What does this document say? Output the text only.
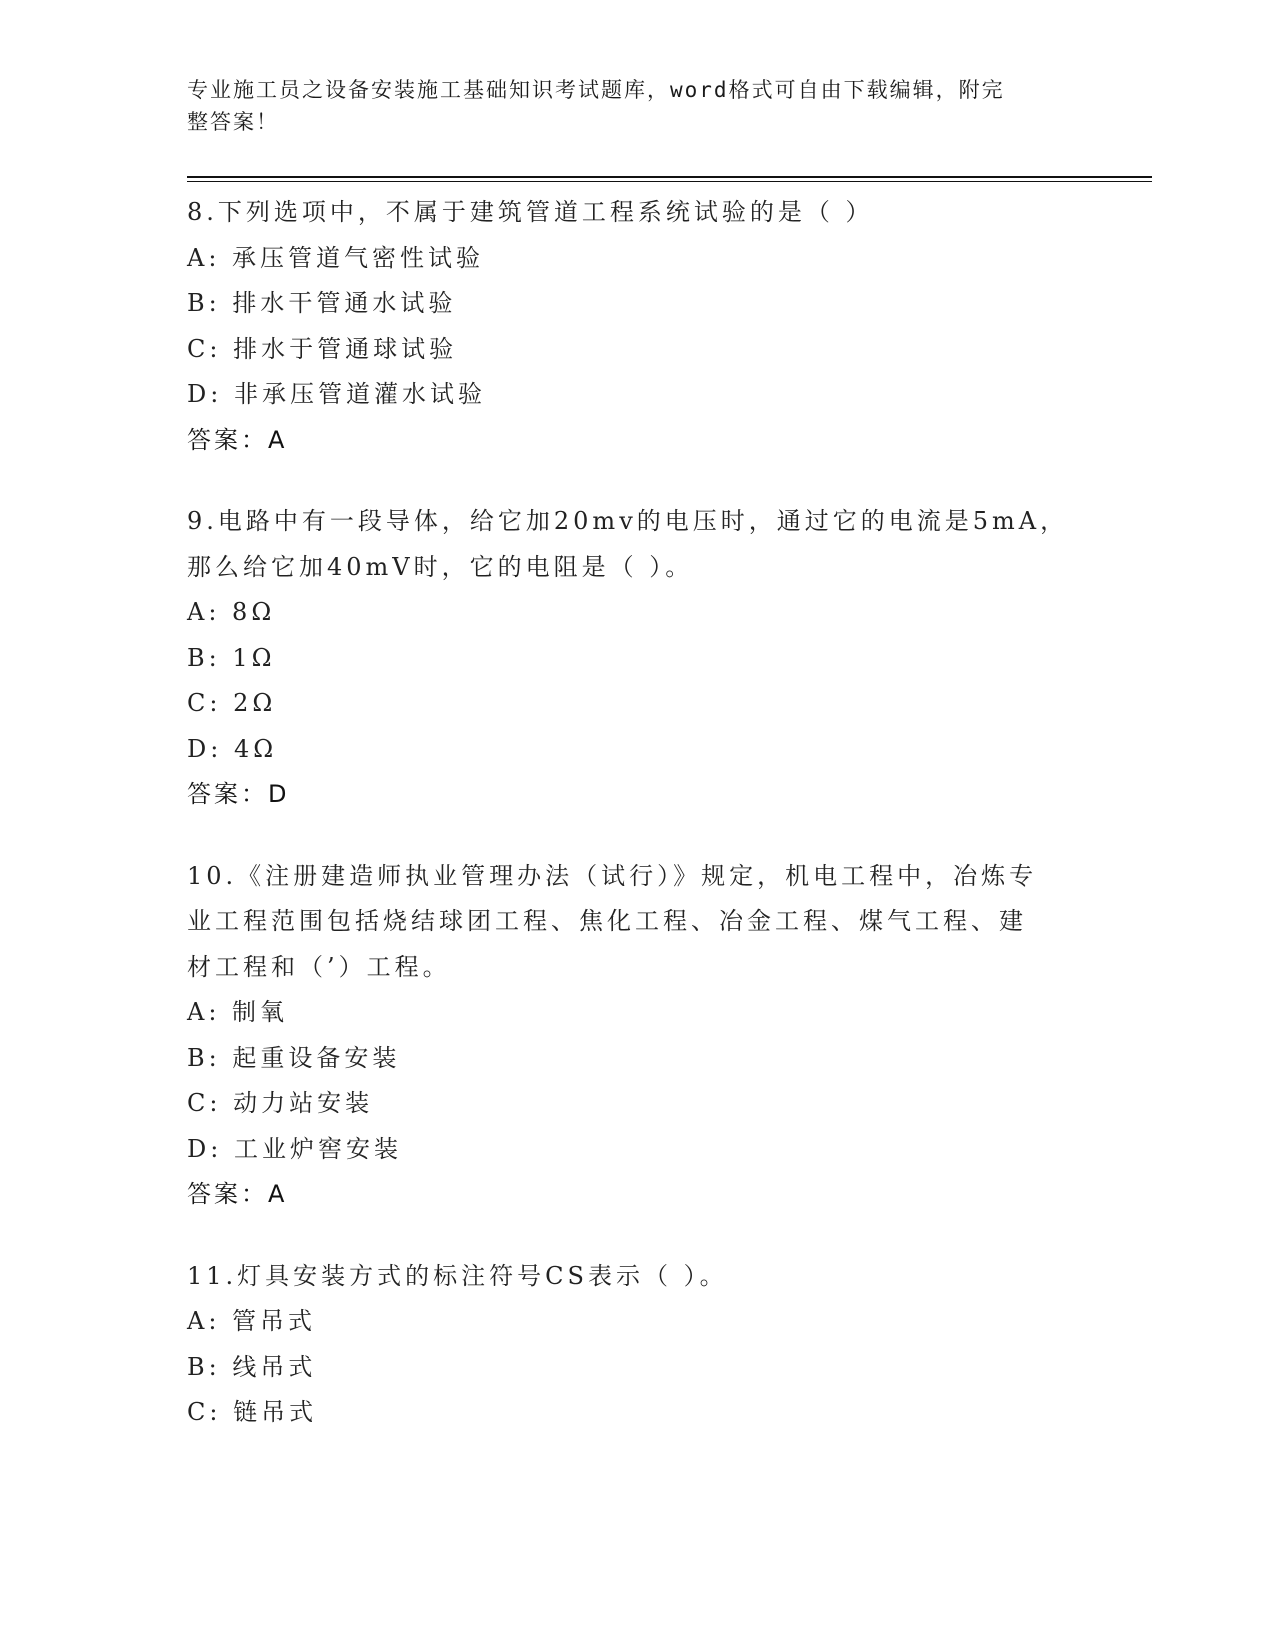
专业施工员之设备安装施工基础知识考试题库，word格式可自由下载编辑，附完
整答案！
8.下列选项中，不属于建筑管道工程系统试验的是（ ）
A: 承压管道气密性试验
B: 排水干管通水试验
C: 排水于管通球试验
D: 非承压管道灌水试验
答案：A
9.电路中有一段导体，给它加20mv的电压时，通过它的电流是5mA，
那么给它加40mV时，它的电阻是（ ）。
A: 8Ω
B: 1Ω
C: 2Ω
D: 4Ω
答案：D
10.《注册建造师执业管理办法（试行）》规定，机电工程中，冶炼专
业工程范围包括烧结球团工程、焦化工程、冶金工程、煤气工程、建
材工程和（’）工程。
A: 制氧
B: 起重设备安装
C: 动力站安装
D: 工业炉窖安装
答案：A
11.灯具安装方式的标注符号CS表示（ ）。
A: 管吊式
B: 线吊式
C: 链吊式
